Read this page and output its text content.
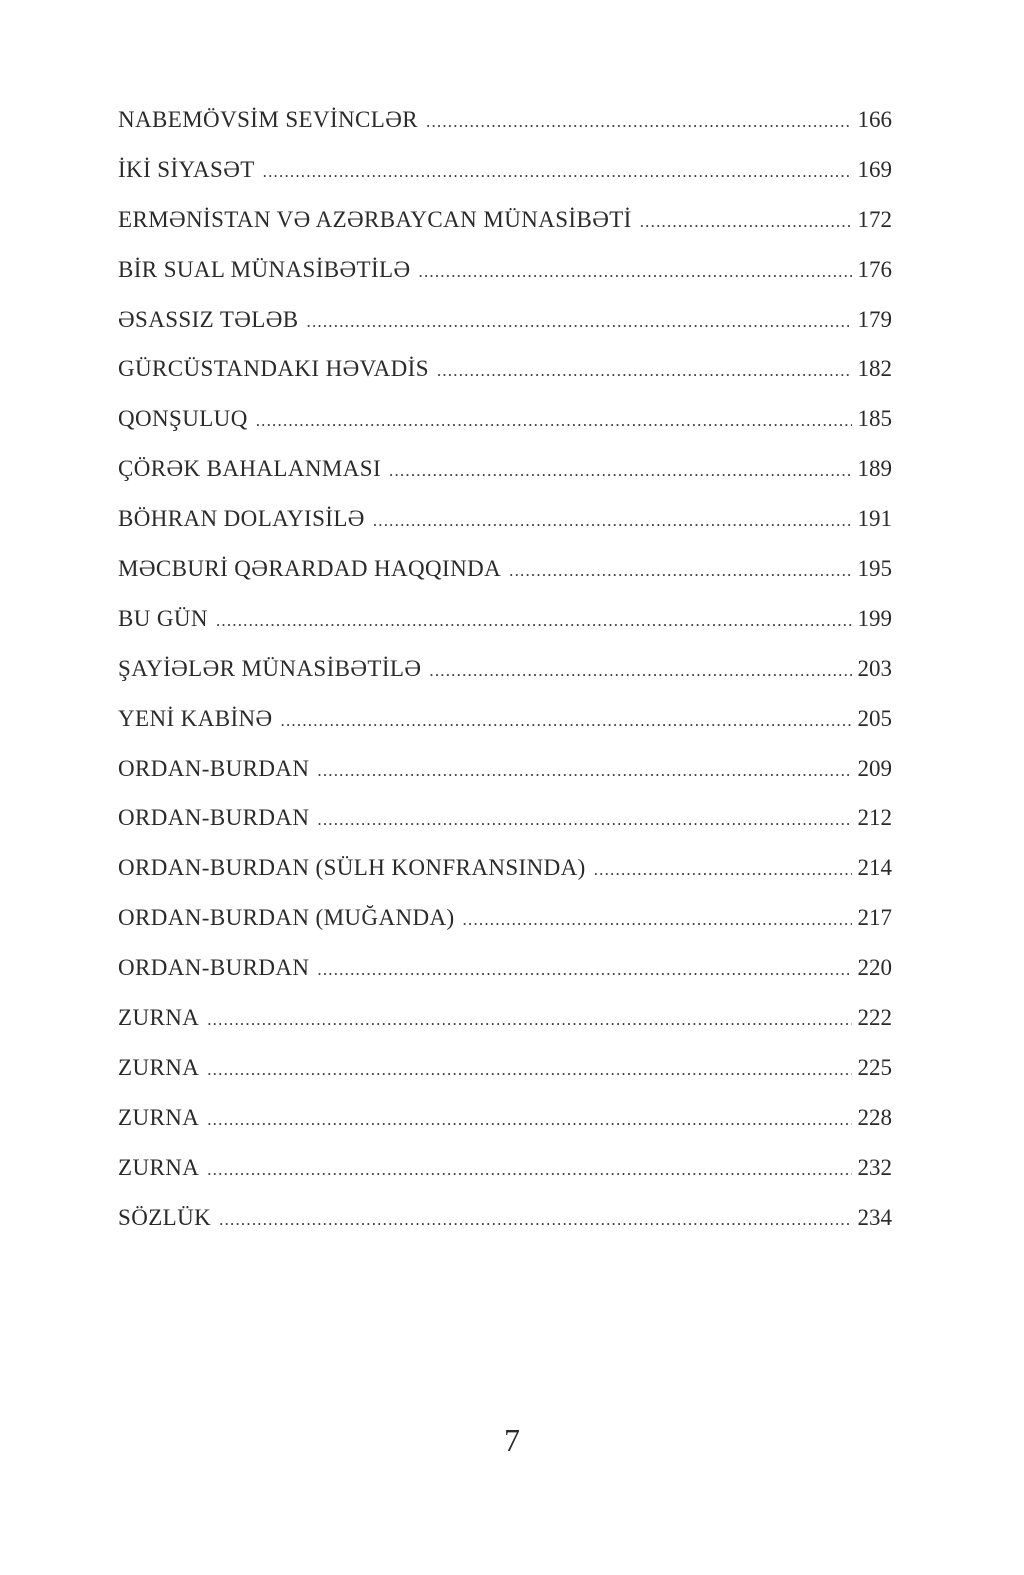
NABEMÖVSİM SEVİNCLƏR .....	166
İKİ SİYASƏT .....	169
ERMƏNİSTAN VƏ AZƏRBAYCAN MÜNASİBƏTİ .....	172
BİR SUAL MÜNASİBƏTİLƏ .....	176
ƏSASSIZ TƏLƏB .....	179
GÜRCÜSTANDAKI HƏVADİS .....	182
QONŞULUQ .....	185
ÇÖRƏK BAHALANMASI .....	189
BÖHRAN DOLAYISİLƏ .....	191
MƏCBURİ QƏRARDAD HAQQINDA .....	195
BU GÜN .....	199
ŞAYİƏLƏR MÜNASİBƏTİLƏ .....	203
YENİ KABİNƏ .....	205
ORDAN-BURDAN .....	209
ORDAN-BURDAN .....	212
ORDAN-BURDAN (SÜLH KONFRANSINDA) .....	214
ORDAN-BURDAN (MUĞANDA) .....	217
ORDAN-BURDAN .....	220
ZURNA .....	222
ZURNA .....	225
ZURNA .....	228
ZURNA .....	232
SÖZLÜK .....	234
7
